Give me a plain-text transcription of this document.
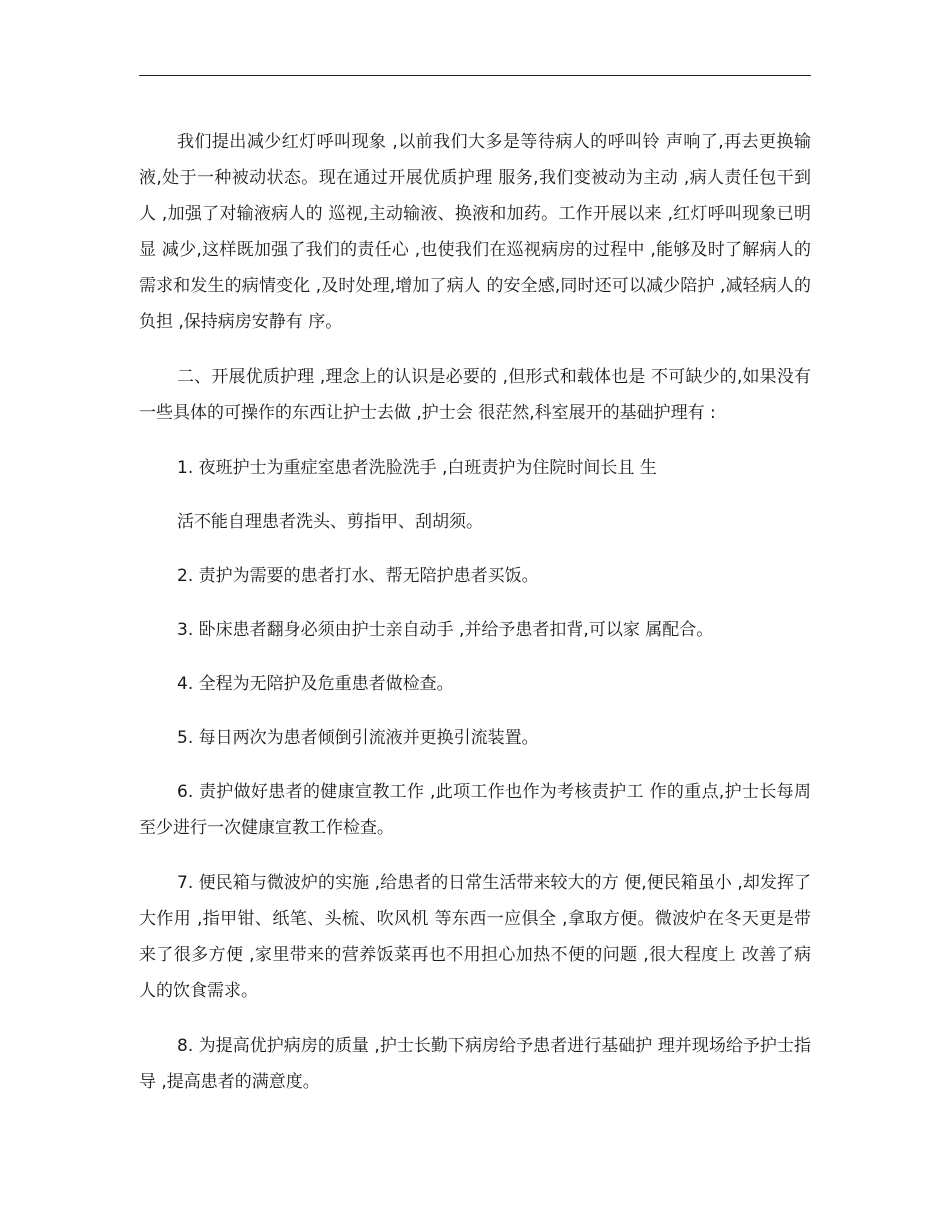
我们提出减少红灯呼叫现象 ,以前我们大多是等待病人的呼叫铃 声响了,再去更换输液,处于一种被动状态。现在通过开展优质护理 服务,我们变被动为主动 ,病人责任包干到人 ,加强了对输液病人的 巡视,主动输液、换液和加药。工作开展以来 ,红灯呼叫现象已明显 减少,这样既加强了我们的责任心 ,也使我们在巡视病房的过程中 ,能够及时了解病人的需求和发生的病情变化 ,及时处理,增加了病人 的安全感,同时还可以减少陪护 ,减轻病人的负担 ,保持病房安静有 序。

二、开展优质护理 ,理念上的认识是必要的 ,但形式和载体也是 不可缺少的,如果没有一些具体的可操作的东西让护士去做 ,护士会 很茫然,科室展开的基础护理有 :

1. 夜班护士为重症室患者洗脸洗手 ,白班责护为住院时间长且 生

活不能自理患者洗头、剪指甲、刮胡须。

2. 责护为需要的患者打水、帮无陪护患者买饭。

3. 卧床患者翻身必须由护士亲自动手 ,并给予患者扣背,可以家 属配合。

4. 全程为无陪护及危重患者做检查。

5. 每日两次为患者倾倒引流液并更换引流装置。

6. 责护做好患者的健康宣教工作 ,此项工作也作为考核责护工 作的重点,护士长每周至少进行一次健康宣教工作检查。

7. 便民箱与微波炉的实施 ,给患者的日常生活带来较大的方 便,便民箱虽小 ,却发挥了大作用 ,指甲钳、纸笔、头梳、吹风机 等东西一应俱全 ,拿取方便。微波炉在冬天更是带来了很多方便 ,家里带来的营养饭菜再也不用担心加热不便的问题 ,很大程度上 改善了病人的饮食需求。

8. 为提高优护病房的质量 ,护士长勤下病房给予患者进行基础护 理并现场给予护士指导 ,提高患者的满意度。
